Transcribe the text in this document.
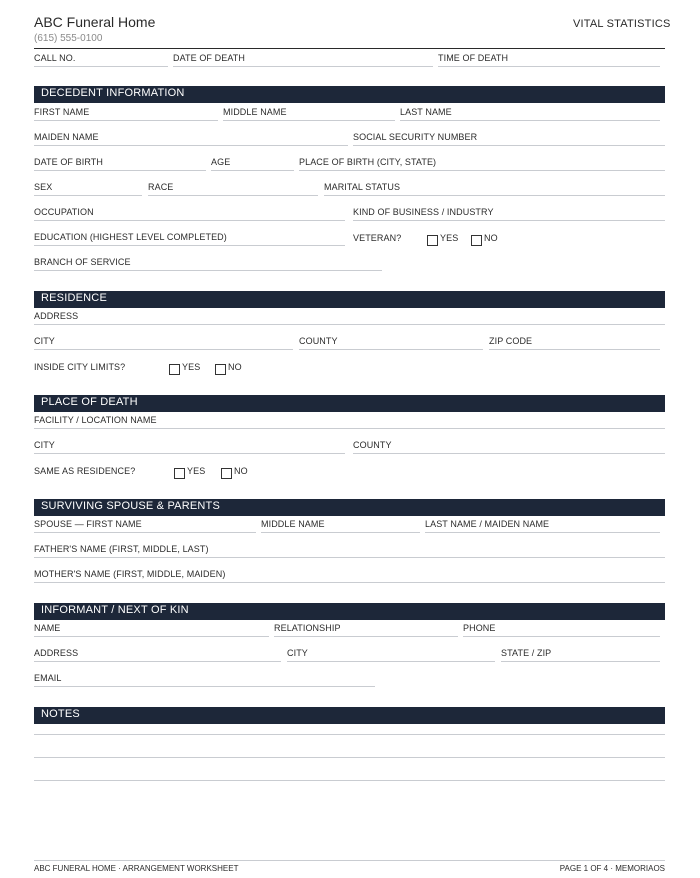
ABC Funeral Home
(615) 555-0100
VITAL STATISTICS
CALL NO.	DATE OF DEATH	TIME OF DEATH
DECEDENT INFORMATION
FIRST NAME	MIDDLE NAME	LAST NAME
MAIDEN NAME	SOCIAL SECURITY NUMBER
DATE OF BIRTH	AGE	PLACE OF BIRTH (CITY, STATE)
SEX	RACE	MARITAL STATUS
OCCUPATION	KIND OF BUSINESS / INDUSTRY
EDUCATION (HIGHEST LEVEL COMPLETED)	VETERAN?	YES	NO
BRANCH OF SERVICE
RESIDENCE
ADDRESS
CITY	COUNTY	ZIP CODE
INSIDE CITY LIMITS?	YES	NO
PLACE OF DEATH
FACILITY / LOCATION NAME
CITY	COUNTY
SAME AS RESIDENCE?	YES	NO
SURVIVING SPOUSE & PARENTS
SPOUSE — FIRST NAME	MIDDLE NAME	LAST NAME / MAIDEN NAME
FATHER'S NAME (FIRST, MIDDLE, LAST)
MOTHER'S NAME (FIRST, MIDDLE, MAIDEN)
INFORMANT / NEXT OF KIN
NAME	RELATIONSHIP	PHONE
ADDRESS	CITY	STATE / ZIP
EMAIL
NOTES
ABC FUNERAL HOME · ARRANGEMENT WORKSHEET	PAGE 1 OF 4 · MEMORIAOS
